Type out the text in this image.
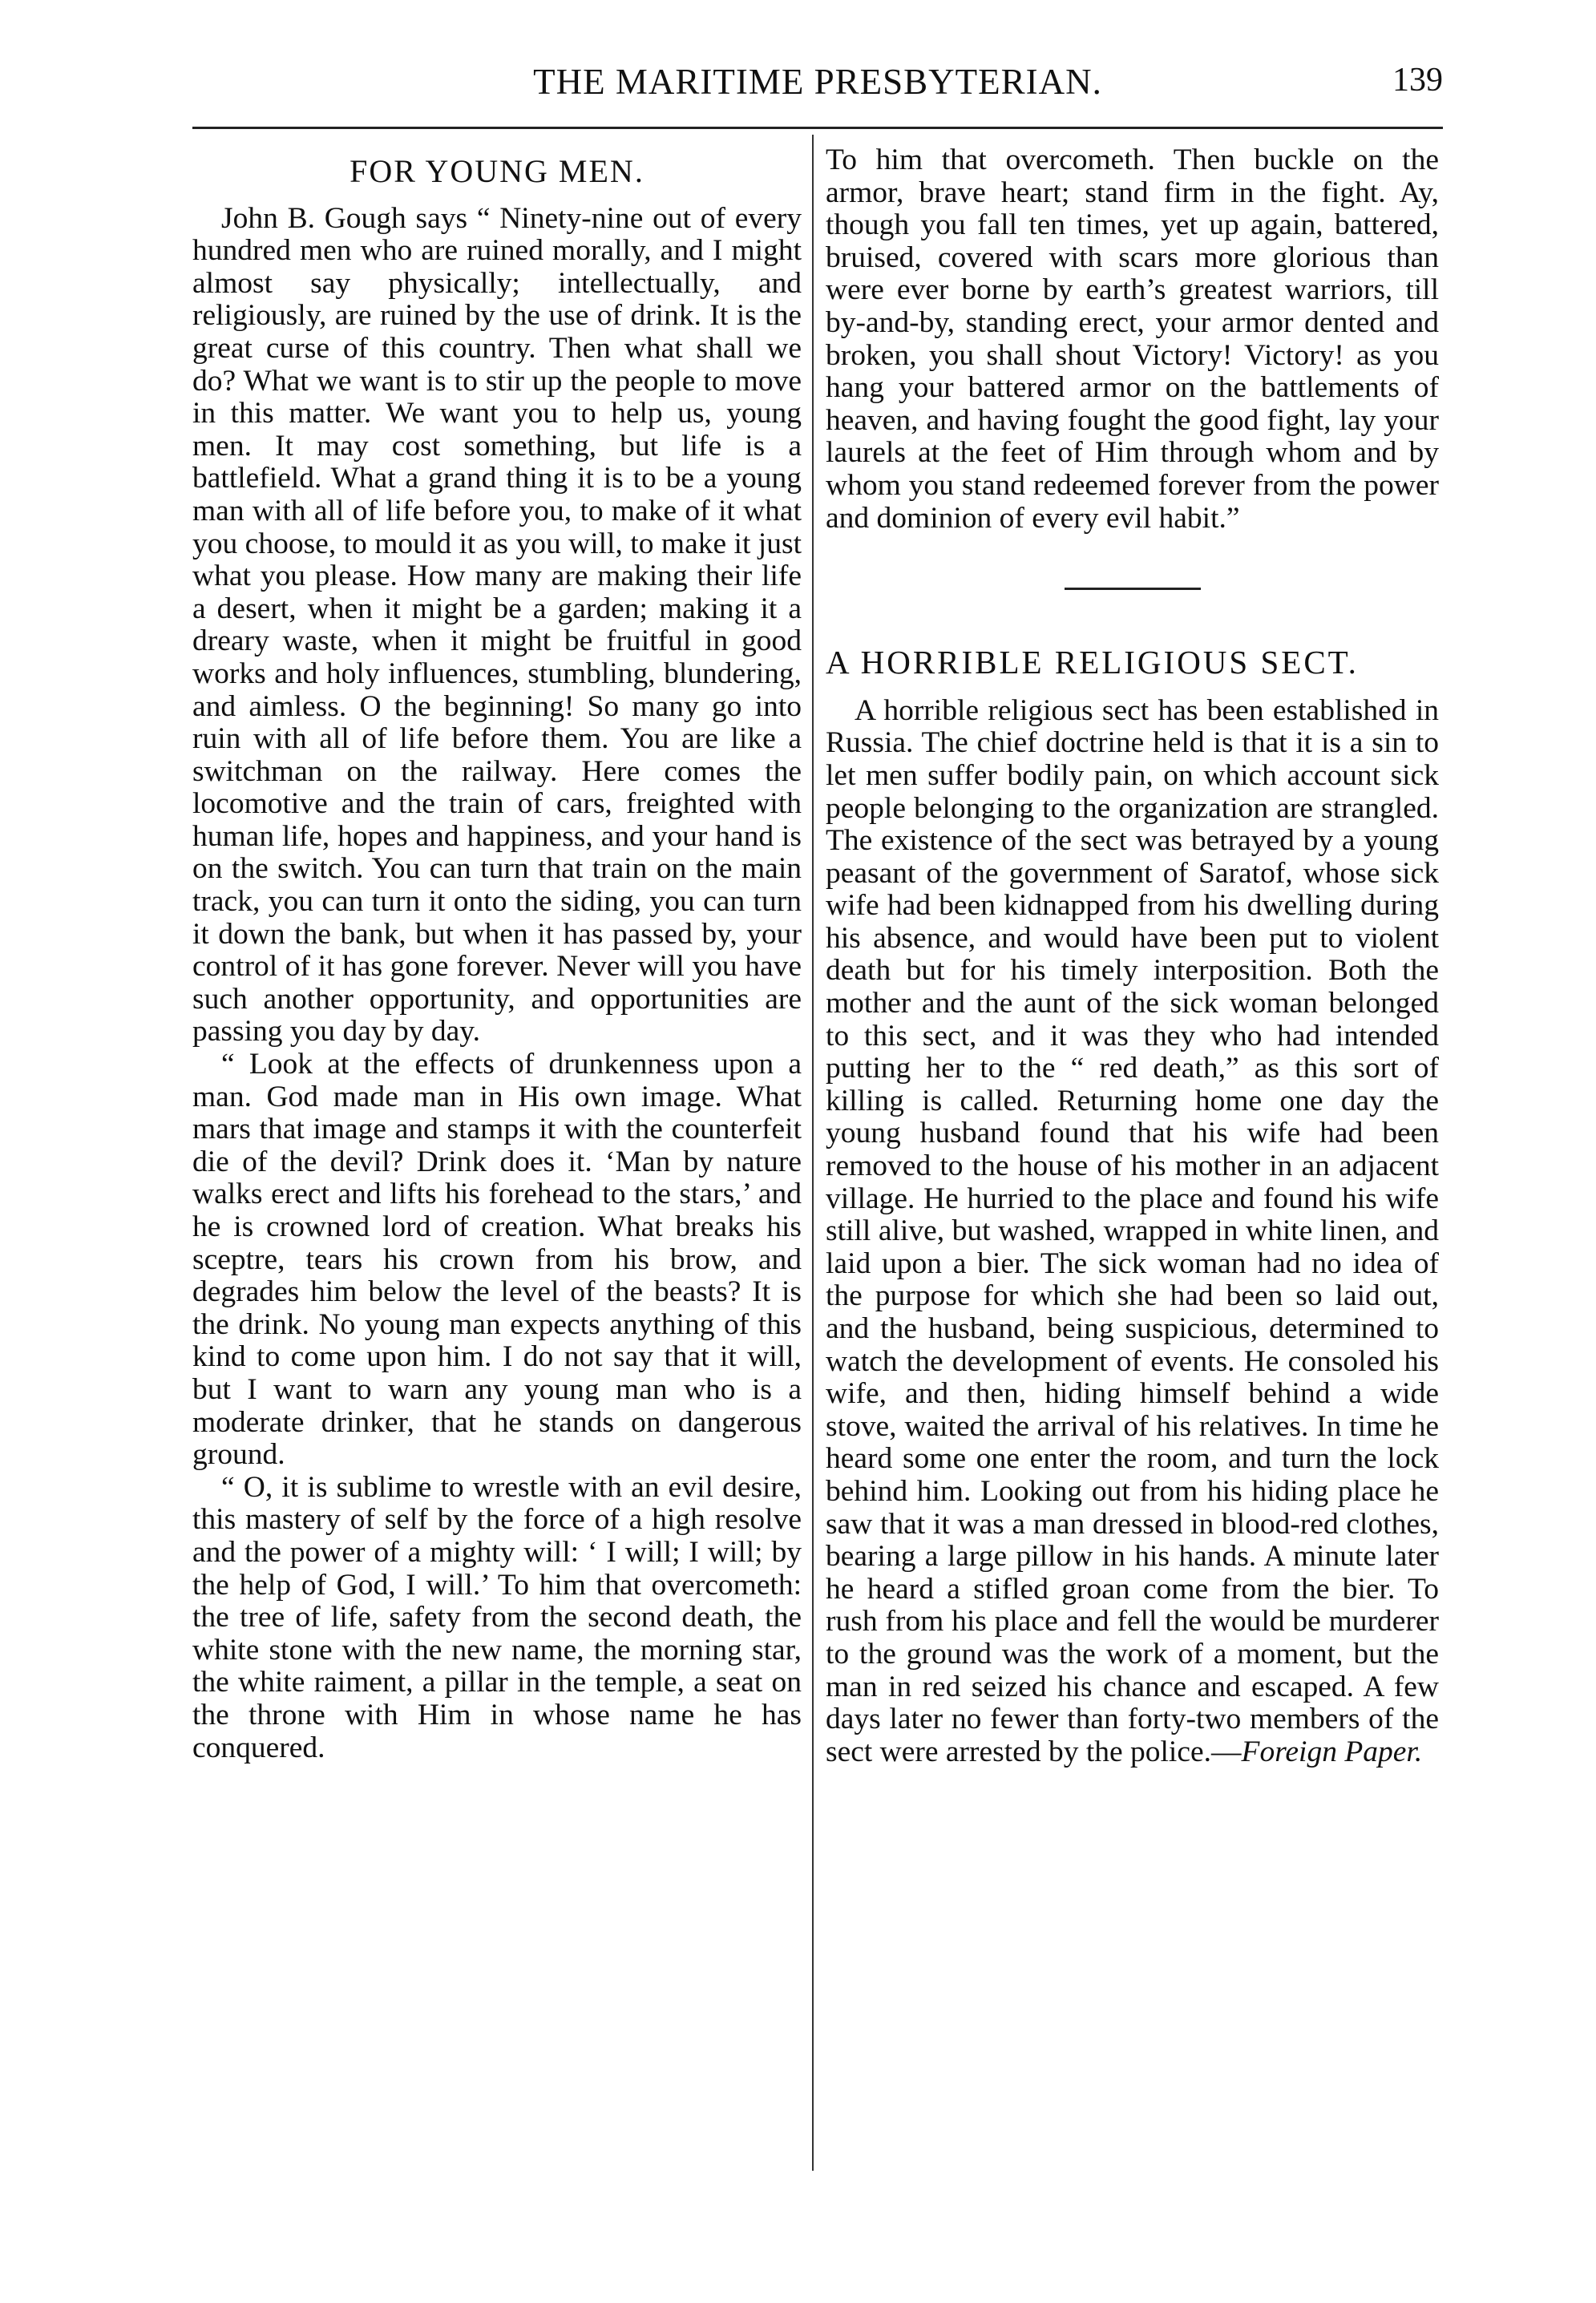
THE MARITIME PRESBYTERIAN.	139
FOR YOUNG MEN.

John B. Gough says “ Ninety-nine out of every hundred men who are ruined morally, and I might almost say physically; intellectually, and religiously, are ruined by the use of drink. It is the great curse of this country. Then what shall we do? What we want is to stir up the people to move in this matter. We want you to help us, young men. It may cost something, but life is a battlefield. What a grand thing it is to be a young man with all of life before you, to make of it what you choose, to mould it as you will, to make it just what you please. How many are making their life a desert, when it might be a garden; making it a dreary waste, when it might be fruitful in good works and holy influences, stumbling, blundering, and aimless. O the beginning! So many go into ruin with all of life before them. You are like a switchman on the railway. Here comes the locomotive and the train of cars, freighted with human life, hopes and happiness, and your hand is on the switch. You can turn that train on the main track, you can turn it onto the siding, you can turn it down the bank, but when it has passed by, your control of it has gone forever. Never will you have such another opportunity, and opportunities are passing you day by day.

“ Look at the effects of drunkenness upon a man. God made man in His own image. What mars that image and stamps it with the counterfeit die of the devil? Drink does it. ‘Man by nature walks erect and lifts his forehead to the stars,’ and he is crowned lord of creation. What breaks his sceptre, tears his crown from his brow, and degrades him below the level of the beasts? It is the drink. No young man expects anything of this kind to come upon him. I do not say that it will, but I want to warn any young man who is a moderate drinker, that he stands on dangerous ground.

“ O, it is sublime to wrestle with an evil desire, this mastery of self by the force of a high resolve and the power of a mighty will: ‘ I will; I will; by the help of God, I will.’ To him that overcometh: the tree of life, safety from the second death, the white stone with the new name, the morning star, the white raiment, a pillar in the temple, a seat on the throne with Him in whose name he has conquered.

To him that overcometh. Then buckle on the armor, brave heart; stand firm in the fight. Ay, though you fall ten times, yet up again, battered, bruised, covered with scars more glorious than were ever borne by earth’s greatest warriors, till by-and-by, standing erect, your armor dented and broken, you shall shout Victory! Victory! as you hang your battered armor on the battlements of heaven, and having fought the good fight, lay your laurels at the feet of Him through whom and by whom you stand redeemed forever from the power and dominion of every evil habit.”

A HORRIBLE RELIGIOUS SECT.

A horrible religious sect has been established in Russia. The chief doctrine held is that it is a sin to let men suffer bodily pain, on which account sick people belonging to the organization are strangled. The existence of the sect was betrayed by a young peasant of the government of Saratof, whose sick wife had been kidnapped from his dwelling during his absence, and would have been put to violent death but for his timely interposition. Both the mother and the aunt of the sick woman belonged to this sect, and it was they who had intended putting her to the “ red death,” as this sort of killing is called. Returning home one day the young husband found that his wife had been removed to the house of his mother in an adjacent village. He hurried to the place and found his wife still alive, but washed, wrapped in white linen, and laid upon a bier. The sick woman had no idea of the purpose for which she had been so laid out, and the husband, being suspicious, determined to watch the development of events. He consoled his wife, and then, hiding himself behind a wide stove, waited the arrival of his relatives. In time he heard some one enter the room, and turn the lock behind him. Looking out from his hiding place he saw that it was a man dressed in blood-red clothes, bearing a large pillow in his hands. A minute later he heard a stifled groan come from the bier. To rush from his place and fell the would be murderer to the ground was the work of a moment, but the man in red seized his chance and escaped. A few days later no fewer than forty-two members of the sect were arrested by the police.—Foreign Paper.
